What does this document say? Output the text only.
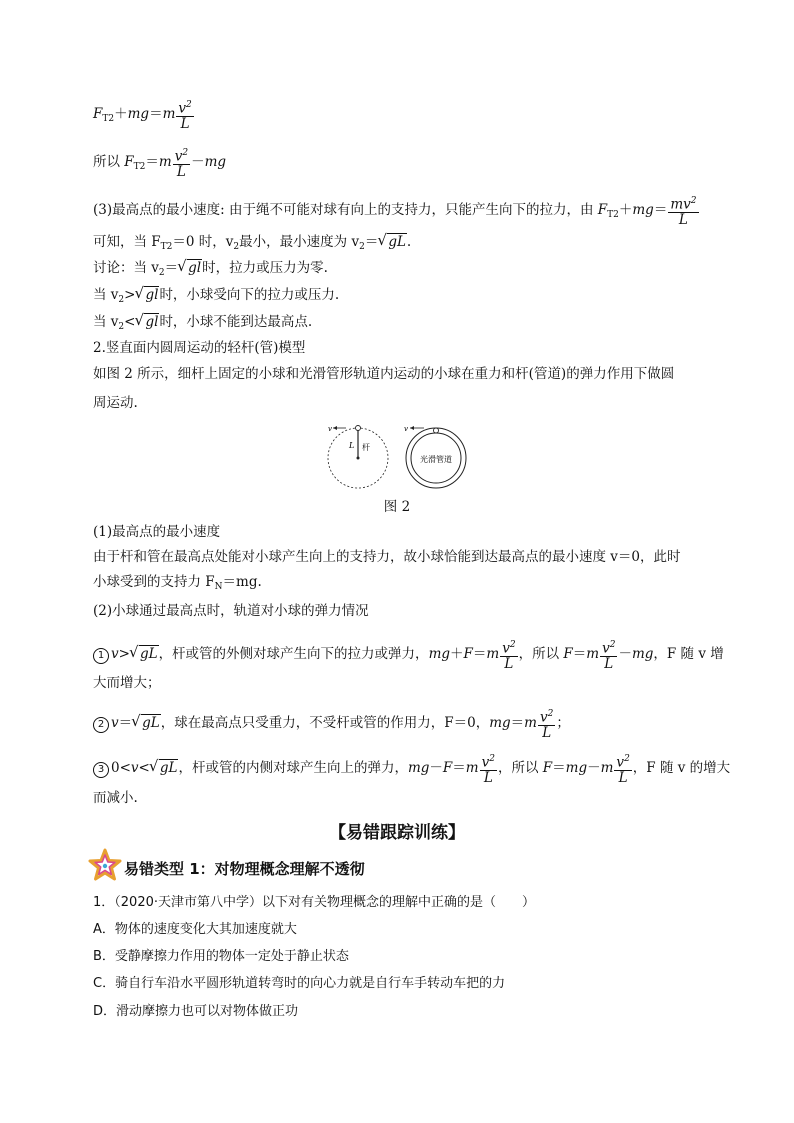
$F_{T2}+mg=m \frac{v^2}{L}$
所以 $F_{T2}=m \frac{v^2}{L} -mg$
(3)最高点的最小速度: 由于绳不可能对球有向上的支持力，只能产生向下的拉力，由 $F_{T2}+mg= \frac{mv^2}{L}$
可知，当 $F_{T2}=0$ 时，$v_2$最小，最小速度为 $v_2=√$ gL.
讨论：当 $v_2=√$ gl时，拉力或压力为零.
当 $v_2>√$ gl时，小球受向下的拉力或压力.
当 $v_2<√$ gl时，小球不能到达最高点.
2.竖直面内圆周运动的轻杆(管)模型
如图 2 所示，细杆上固定的小球和光滑管形轨道内运动的小球在重力和杆(管道)的弹力作用下做圆
周运动.
v
L 杆
v
光滑管道
图 2
(1)最高点的最小速度
由于杆和管在最高点处能对小球产生向上的支持力，故小球恰能到达最高点的最小速度 v＝0，此时
小球受到的支持力 $F_N=mg$.
(2)小球通过最高点时，轨道对小球的弹力情况
1 v>√ gL，杆或管的外侧对球产生向下的拉力或弹力，$mg+F=m \frac{v^2}{L}$ ，所以 $F=m \frac{v^2}{L} -mg$，F 随 v 增
大而增大；
2 v＝√ gL，球在最高点只受重力，不受杆或管的作用力，F＝0，$mg=m \frac{v^2}{L}$ ；
3 0<v<√ gL，杆或管的内侧对球产生向上的弹力，$mg-F=m \frac{v^2}{L}$ ，所以 $F=mg-m \frac{v^2}{L}$ ，F 随 v 的增大
而减小.
【易错跟踪训练】
易错类型 1：对物理概念理解不透彻
1．（2020·天津市第八中学）以下对有关物理概念的理解中正确的是（　　）
A．物体的速度变化大其加速度就大
B．受静摩擦力作用的物体一定处于静止状态
C．骑自行车沿水平圆形轨道转弯时的向心力就是自行车手转动车把的力
D．滑动摩擦力也可以对物体做正功
